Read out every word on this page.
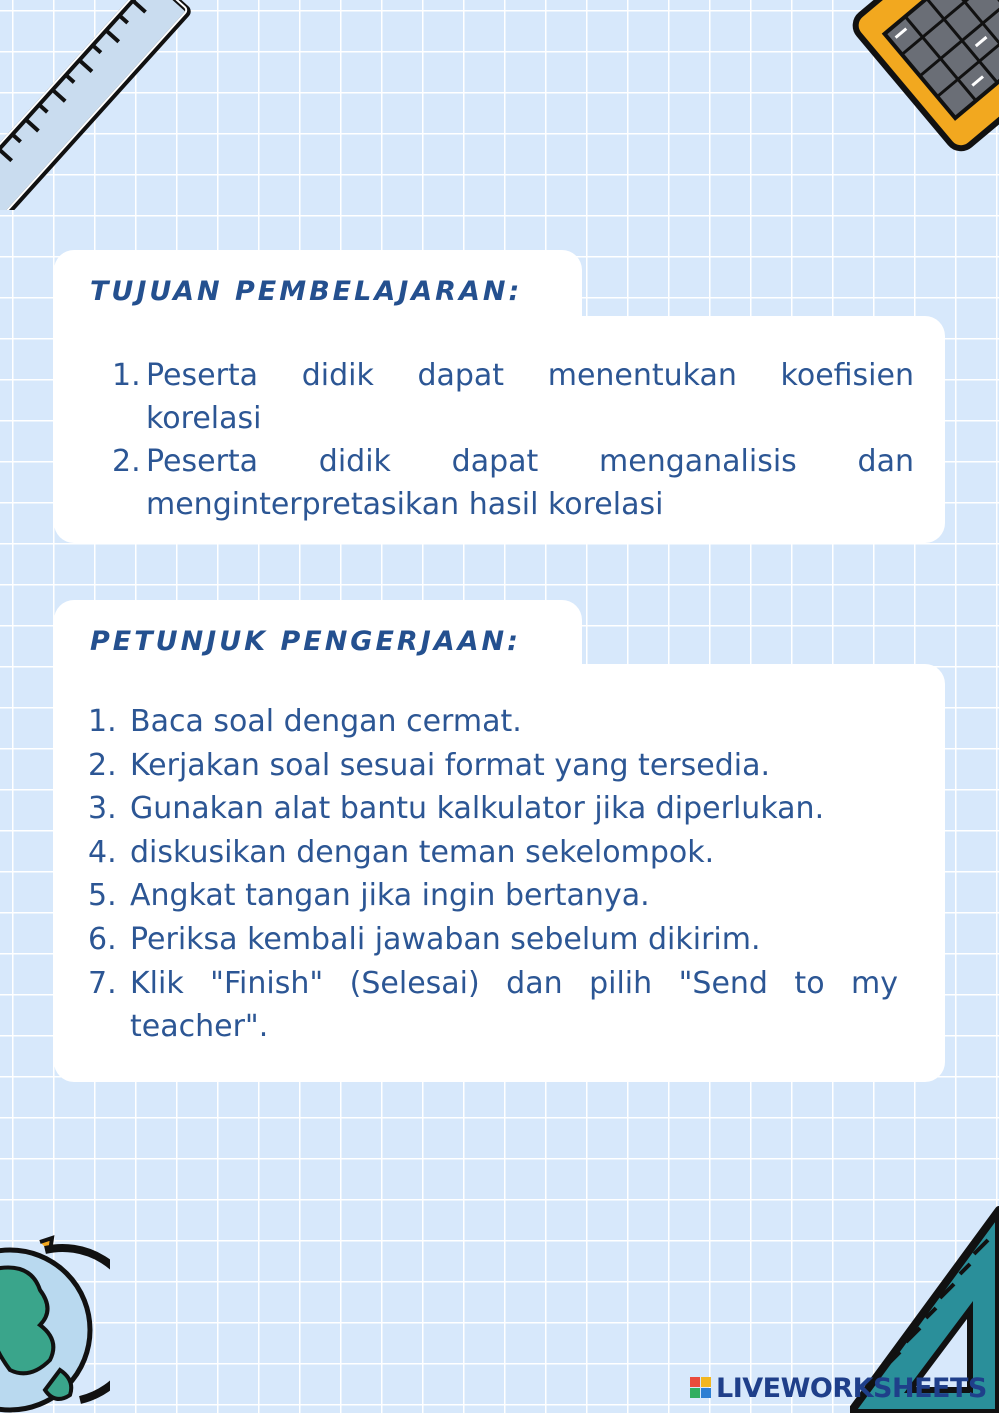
TUJUAN PEMBELAJARAN:
1. Peserta didik dapat menentukan koefisien
korelasi
2. Peserta didik dapat menganalisis dan
menginterpretasikan hasil korelasi
PETUNJUK PENGERJAAN:
1. Baca soal dengan cermat.
2. Kerjakan soal sesuai format yang tersedia.
3. Gunakan alat bantu kalkulator jika diperlukan.
4. diskusikan dengan teman sekelompok.
5. Angkat tangan jika ingin bertanya.
6. Periksa kembali jawaban sebelum dikirim.
7. Klik "Finish" (Selesai) dan pilih "Send to my
teacher".
LIVEWORKSHEETS
